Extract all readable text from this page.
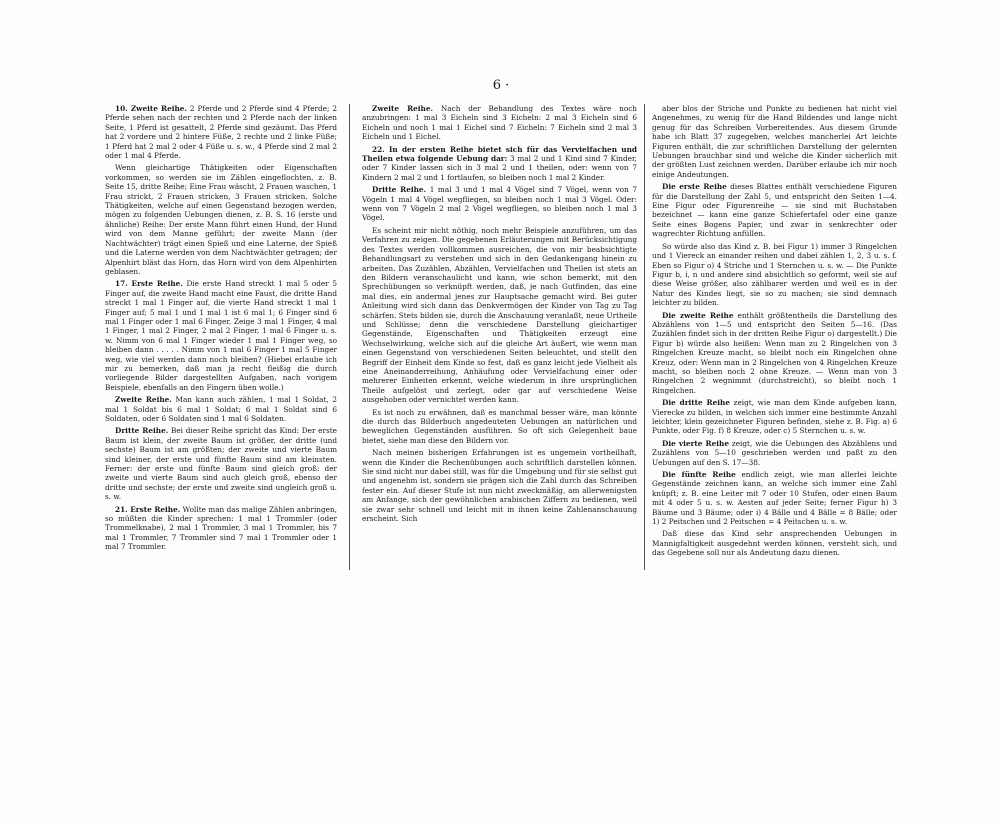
6 ·

10. Zweite Reihe. 2 Pferde und 2 Pferde sind 4 Pferde; 2 Pferde sehen nach der rechten und 2 Pferde nach der linken Seite, 1 Pferd ist gesattelt, 2 Pferde sind gezäumt. Das Pferd hat 2 vordere und 2 hintere Füße, 2 rechte und 2 linke Füße; 1 Pferd hat 2 mal 2 oder 4 Füße u. s. w., 4 Pferde sind 2 mal 2 oder 1 mal 4 Pferde.

Wenn gleichartige Thätigkeiten oder Eigenschaften vorkommen, so werden sie im Zählen eingeflochten, z. B. Seite 15, dritte Reihe; Eine Frau wäscht, 2 Frauen waschen, 1 Frau strickt, 2 Frauen stricken, 3 Frauen stricken. Solche Thätigkeiten, welche auf einen Gegenstand bezogen werden, mögen zu folgenden Uebungen dienen, z. B. S. 16 (erste und ähnliche) Reihe: Der erste Mann führt einen Hund, der Hund wird von dem Manne geführt; der zweite Mann (der Nachtwächter) trägt einen Spieß und eine Laterne, der Spieß und die Laterne werden von dem Nachtwächter getragen; der Alpenhirt bläst das Horn, das Horn wird von dem Alpenhirten geblasen.

17. Erste Reihe. Die erste Hand streckt 1 mal 5 oder 5 Finger auf, die zweite Hand macht eine Faust, die dritte Hand streckt 1 mal 1 Finger auf, die vierte Hand streckt 1 mal 1 Finger auf; 5 mal 1 und 1 mal 1 ist 6 mal 1; 6 Finger sind 6 mal 1 Finger oder 1 mal 6 Finger. Zeige 3 mal 1 Finger, 4 mal 1 Finger, 1 mal 2 Finger, 2 mal 2 Finger, 1 mal 6 Finger u. s. w. Nimm von 6 mal 1 Finger wieder 1 mal 1 Finger weg, so bleiben dann . . . . . Nimm von 1 mal 6 Finger 1 mal 5 Finger weg, wie viel werden dann noch bleiben? (Hiebei erlaube ich mir zu bemerken, daß man ja recht fleißig die durch vorliegende Bilder dargestellten Aufgaben, nach vorigem Beispiele, ebenfalls an den Fingern üben wolle.)

Zweite Reihe. Man kann auch zählen, 1 mal 1 Soldat, 2 mal 1 Soldat bis 6 mal 1 Soldat; 6 mal 1 Soldat sind 6 Soldaten, oder 6 Soldaten sind 1 mal 6 Soldaten.

Dritte Reihe. Bei dieser Reihe spricht das Kind: Der erste Baum ist klein, der zweite Baum ist größer, der dritte (und sechste) Baum ist am größten; der zweite und vierte Baum sind kleiner, der erste und fünfte Baum sind am kleinsten. Ferner: der erste und fünfte Baum sind gleich groß: der zweite und vierte Baum sind auch gleich groß, ebenso der dritte und sechste; der erste und zweite sind ungleich groß u. s. w.

21. Erste Reihe. Wollte man das malige Zählen anbringen, so müßten die Kinder sprechen: 1 mal 1 Trommler (oder Trommelknabe), 2 mal 1 Trommler, 3 mal 1 Trommler, bis 7 mal 1 Trommler, 7 Trommler sind 7 mal 1 Trommler oder 1 mal 7 Trommler.

Zweite Reihe. Nach der Behandlung des Textes wäre noch anzubringen: 1 mal 3 Eicheln sind 3 Eicheln: 2 mal 3 Eicheln sind 6 Eicheln und noch 1 mal 1 Eichel sind 7 Eicheln: 7 Eicheln sind 2 mal 3 Eicheln und 1 Eichel.

22. In der ersten Reihe bietet sich für das Vervielfachen und Theilen etwa folgende Uebung dar: 3 mal 2 und 1 Kind sind 7 Kinder, oder 7 Kinder lassen sich in 3 mal 2 und 1 theilen, oder: wenn von 7 Kindern 2 mal 2 und 1 fortlaufen, so bleiben noch 1 mal 2 Kinder.

Dritte Reihe. 1 mal 3 und 1 mal 4 Vögel sind 7 Vögel, wenn von 7 Vögeln 1 mal 4 Vögel wegfliegen, so bleiben noch 1 mal 3 Vögel. Oder: wenn von 7 Vögeln 2 mal 2 Vögel wegfliegen, so bleiben noch 1 mal 3 Vögel.

Es scheint mir nicht nöthig, noch mehr Beispiele anzuführen, um das Verfahren zu zeigen. Die gegebenen Erläuterungen mit Berücksichtigung des Textes werden vollkommen ausreichen, die von mir beabsichtigte Behandlungsart zu verstehen und sich in den Gedankengang hinein zu arbeiten. Das Zuzählen, Abzählen, Vervielfachen und Theilen ist stets an den Bildern veranschaulicht und kann, wie schon bemerkt, mit den Sprechübungen so verknüpft werden, daß, je nach Gutfinden, das eine mal dies, ein andermal jenes zur Hauptsache gemacht wird. Bei guter Anleitung wird sich dann das Denkvermögen der Kinder von Tag zu Tag schärfen. Stets bilden sie, durch die Anschauung veranlaßt, neue Urtheile und Schlüsse; denn die verschiedene Darstellung gleichartiger Gegenstände, Eigenschaften und Thätigkeiten erzeugt eine Wechselwirkung, welche sich auf die gleiche Art äußert, wie wenn man einen Gegenstand von verschiedenen Seiten beleuchtet, und stellt den Begriff der Einheit dem Kinde so fest, daß es ganz leicht jede Vielheit als eine Aneinanderreihung, Anhäufung oder Vervielfachung einer oder mehrerer Einheiten erkennt, welche wiederum in ihre ursprünglichen Theile aufgelöst und zerlegt, oder gar auf verschiedene Weise ausgehoben oder vernichtet werden kann.

Es ist noch zu erwähnen, daß es manchmal besser wäre, man könnte die durch das Bilderbuch angedeuteten Uebungen an natürlichen und beweglichen Gegenständen ausführen. So oft sich Gelegenheit baue bietet, siehe man diese den Bildern vor.

Nach meinen bisherigen Erfahrungen ist es ungemein vortheilhaft, wenn die Kinder die Rechenübungen auch schriftlich darstellen können. Sie sind nicht nur dabei still, was für die Umgebung und für sie selbst gut und angenehm ist, sondern sie prägen sich die Zahl durch das Schreiben fester ein. Auf dieser Stufe ist nun nicht zweckmäßig, am allerwenigsten am Anfange, sich der gewöhnlichen arabischen Ziffern zu bedienen, weil sie zwar sehr schnell und leicht mit in ihnen keine Zahlenanschauung erscheint. Sich

aber blos der Striche und Punkte zu bedienen hat nicht viel Angenehmes, zu wenig für die Hand Bildendes und lange nicht genug für das Schreiben Vorbereitendes. Aus diesem Grunde habe ich Blatt 37 zugegeben, welches mancherlei Art leichte Figuren enthält, die zur schriftlichen Darstellung der gelernten Uebungen brauchbar sind und welche die Kinder sicherlich mit der größten Lust zeichnen werden. Darüber erlaube ich mir noch einige Andeutungen.

Die erste Reihe dieses Blattes enthält verschiedene Figuren für die Darstellung der Zahl 5, und entspricht den Seiten 1—4. Eine Figur oder Figurenreihe — sie sind mit Buchstaben bezeichnet — kann eine ganze Schiefertafel oder eine ganze Seite eines Bogens Papier, und zwar in senkrechter oder wagrechter Richtung anfüllen.

So würde also das Kind z. B. bei Figur 1) immer 3 Ringelchen und 1 Viereck an einander reihen und dabei zählen 1, 2, 3 u. s. f. Eben so Figur o) 4 Striche und 1 Sternchen u. s. w. — Die Punkte Figur b, i, n und andere sind absichtlich so geformt, weil sie auf diese Weise größer, also zählbarer werden und weil es in der Natur des Kindes liegt, sie so zu machen; sie sind demnach leichter zu bilden.

Die zweite Reihe enthält größtentheils die Darstellung des Abzählens von 1—5 und entspricht den Seiten 5—16. (Das Zuzählen findet sich in der dritten Reihe Figur o) dargestellt.) Die Figur b) würde also heißen: Wenn man zu 2 Ringelchen von 3 Ringelchen Kreuze macht, so bleibt noch ein Ringelchen ohne Kreuz, oder: Wenn man in 2 Ringelchen von 4 Ringelchen Kreuze macht, so bleiben noch 2 ohne Kreuze. — Wenn man von 3 Ringelchen 2 wegnimmt (durchstreicht), so bleibt noch 1 Ringelchen.

Die dritte Reihe zeigt, wie man dem Kinde aufgeben kann, Vierecke zu bilden, in welchen sich immer eine bestimmte Anzahl leichter, klein gezeichneter Figuren befinden, siehe z. B. Fig. a) 6 Punkte, oder Fig. f) 8 Kreuze, oder c) 5 Sternchen u. s. w.

Die vierte Reihe zeigt, wie die Uebungen des Abzählens und Zuzählens von 5—10 geschrieben werden und paßt zu den Uebungen auf den S. 17—38.

Die fünfte Reihe endlich zeigt, wie man allerlei leichte Gegenstände zeichnen kann, an welche sich immer eine Zahl knüpft; z. B. eine Leiter mit 7 oder 10 Stufen, oder einen Baum mit 4 oder 5 u. s. w. Aesten auf jeder Seite; ferner Figur h) 3 Bäume und 3 Bäume; oder i) 4 Bälle und 4 Bälle = 8 Bälle; oder 1) 2 Peitschen und 2 Peitschen = 4 Peitschen u. s. w.

Daß diese das Kind sehr ansprechenden Uebungen in Mannigfaltigkeit ausgedehnt werden können, versteht sich, und das Gegebene soll nur als Andeutung dazu dienen.
